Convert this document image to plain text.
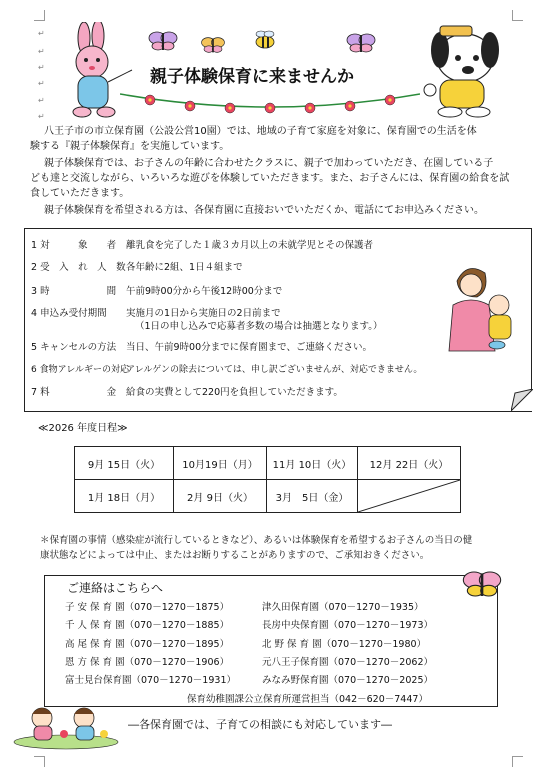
↵
↵
↵
↵
↵
↵
親子体験保育に来ませんか
八王子市の市立保育園（公設公営10園）では、地域の子育て家庭を対象に、保育園での生活を体
験する『親子体験保育』を実施しています。
親子体験保育では、お子さんの年齢に合わせたクラスに、親子で加わっていただき、在園している子
ども達と交流しながら、いろいろな遊びを体験していただきます。また、お子さんには、保育園の給食を試
食していただきます。
親子体験保育を希望される方は、各保育園に直接おいでいただくか、電話にてお申込みください。
1 対　　　象　　者 離乳食を完了した１歳３カ月以上の未就学児とその保護者
2 受　入　れ　人　数各年齢に2組、1日４組まで
3 時　　　　　　間 午前9時00分から午後12時00分まで
4 申込み受付期間 実施月の1日から実施日の2日前まで
（1日の申し込みで応募者多数の場合は抽選となります。）
5 キャンセルの方法 当日、午前9時00分までに保育園まで、ご連絡ください。
6 食物アレルギーの対応アレルゲンの除去については、申し訳ございませんが、対応できません。
7 料　　　　　　金 給食の実費として220円を負担していただきます。
≪2026 年度日程≫
9月 15日（火）	10月19日（月）	11月 10日（火）	12月 22日（火）
1月 18日（月）	2月 9日（火）	3月　5日（金）	
＊保育園の事情（感染症が流行しているときなど）、あるいは体験保育を希望するお子さんの当日の健
康状態などによっては中止、またはお断りすることがありますので、ご承知おきください。
ご連絡はこちらへ
子 安 保 育 園（070－1270－1875）	津久田保育園（070－1270－1935）
千 人 保 育 園（070－1270－1885）	長房中央保育園（070－1270－1973）
高 尾 保 育 園（070－1270－1895）	北 野 保 育 園（070－1270－1980）
恩 方 保 育 園（070－1270－1906）	元八王子保育園（070－1270－2062）
富士見台保育園（070－1270－1931）	みなみ野保育園（070－1270－2025）
保育幼稚園課公立保育所運営担当（042－620－7447）
―各保育園では、子育ての相談にも対応しています―
